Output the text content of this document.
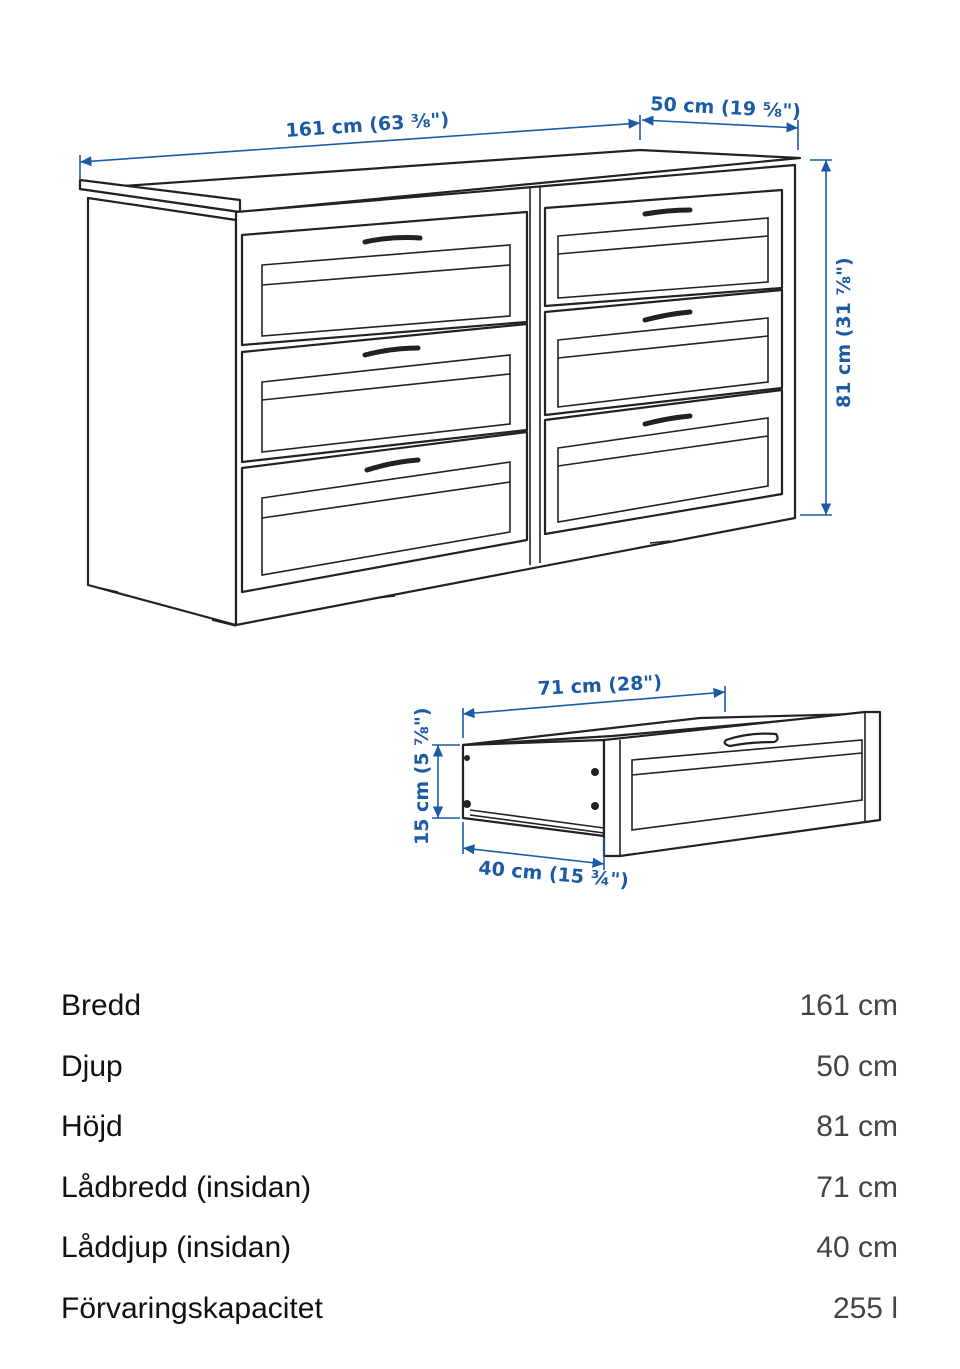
161 cm (63 ⅜")
50 cm (19 ⅝")
81 cm (31 ⅞")
71 cm (28")
15 cm (5 ⅞")
40 cm (15 ¾")
Bredd	161 cm
Djup	50 cm
Höjd	81 cm
Lådbredd (insidan)	71 cm
Låddjup (insidan)	40 cm
Förvaringskapacitet	255 l
